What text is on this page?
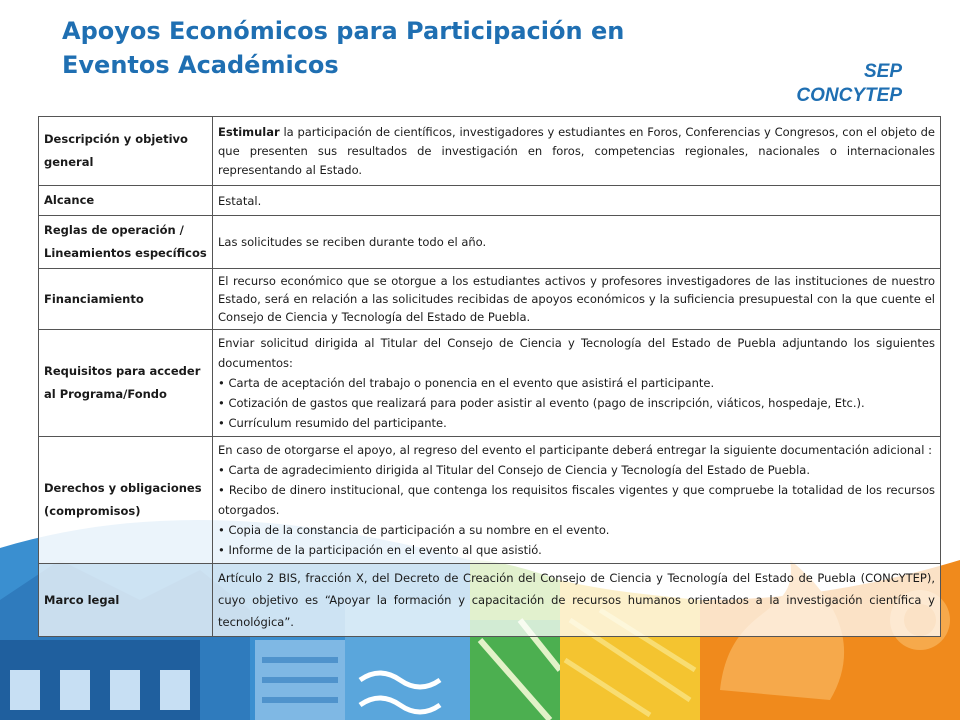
Apoyos Económicos para Participación en
Eventos Académicos	SEP
CONCYTEP
Descripción y objetivo general	Estimular la participación de científicos, investigadores y estudiantes en Foros, Conferencias y Congresos, con el objeto de que presenten sus resultados de investigación en foros, competencias regionales, nacionales o internacionales representando al Estado.
Alcance	Estatal.
Reglas de operación / Lineamientos específicos	Las solicitudes se reciben durante todo el año.
Financiamiento	El recurso económico que se otorgue a los estudiantes activos y profesores investigadores de las instituciones de nuestro Estado, será en relación a las solicitudes recibidas de apoyos económicos y la suficiencia presupuestal con la que cuente el Consejo de Ciencia y Tecnología del Estado de Puebla.
Requisitos para acceder al Programa/Fondo	Enviar solicitud dirigida al Titular del Consejo de Ciencia y Tecnología del Estado de Puebla adjuntando los siguientes documentos:
• Carta de aceptación del trabajo o ponencia en el evento que asistirá el participante.
• Cotización de gastos que realizará para poder asistir al evento (pago de inscripción, viáticos, hospedaje, Etc.).
• Currículum resumido del participante.

Derechos y obligaciones (compromisos)	En caso de otorgarse el apoyo, al regreso del evento el participante deberá entregar la siguiente documentación adicional :
• Carta de agradecimiento dirigida al Titular del Consejo de Ciencia y Tecnología del Estado de Puebla.
• Recibo de dinero institucional, que contenga los requisitos fiscales vigentes y que compruebe la totalidad de los recursos otorgados.
• Copia de la constancia de participación a su nombre en el evento.
• Informe de la participación en el evento al que asistió.

Marco legal	Artículo 2 BIS, fracción X, del Decreto de Creación del Consejo de Ciencia y Tecnología del Estado de Puebla (CONCYTEP), cuyo objetivo es “Apoyar la formación y capacitación de recursos humanos orientados a la investigación científica y tecnológica”.
